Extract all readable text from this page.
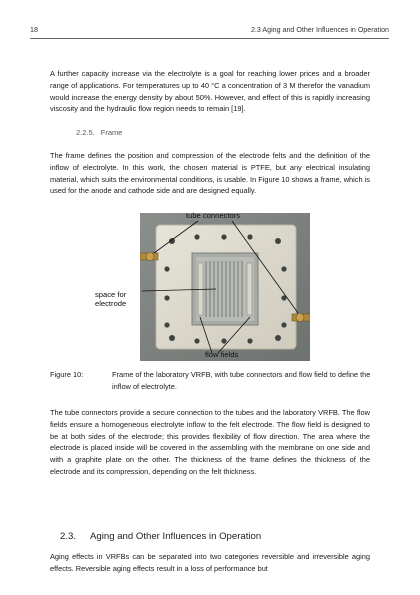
18	2.3 Aging and Other Influences in Operation

A further capacity increase via the electrolyte is a goal for reaching lower prices and a broader range of applications. For temperatures up to 40 °C a concentration of 3 M therefor the vanadium would increase the energy density by about 50%. However, and effect of this is rapidly increasing viscosity and the hydraulic flow region needs to remain [19].

2.2.5. Frame

The frame defines the position and compression of the electrode felts and the definition of the inflow of electrolyte. In this work, the chosen material is PTFE, but any electrical insulating material, which suits the environmental conditions, is usable. In Figure 10 shows a frame, which is used for the anode and cathode side and are designed equally.

tube connectors
space for electrode
flow fields
Figure 10:	Frame of the laboratory VRFB, with tube connectors and flow field to define the inflow of electrolyte.

The tube connectors provide a secure connection to the tubes and the laboratory VRFB. The flow fields ensure a homogeneous electrolyte inflow to the felt electrode. The flow field is designed to be at both sides of the electrode; this provides flexibility of flow direction. The area where the electrode is placed inside will be covered in the assembling with the membrane on one side and with a graphite plate on the other. The thickness of the frame defines the thickness of the electrode and its compression, depending on the felt thickness.

2.3. Aging and Other Influences in Operation

Aging effects in VRFBs can be separated into two categories reversible and irreversible aging effects. Reversible aging effects result in a loss of performance but
